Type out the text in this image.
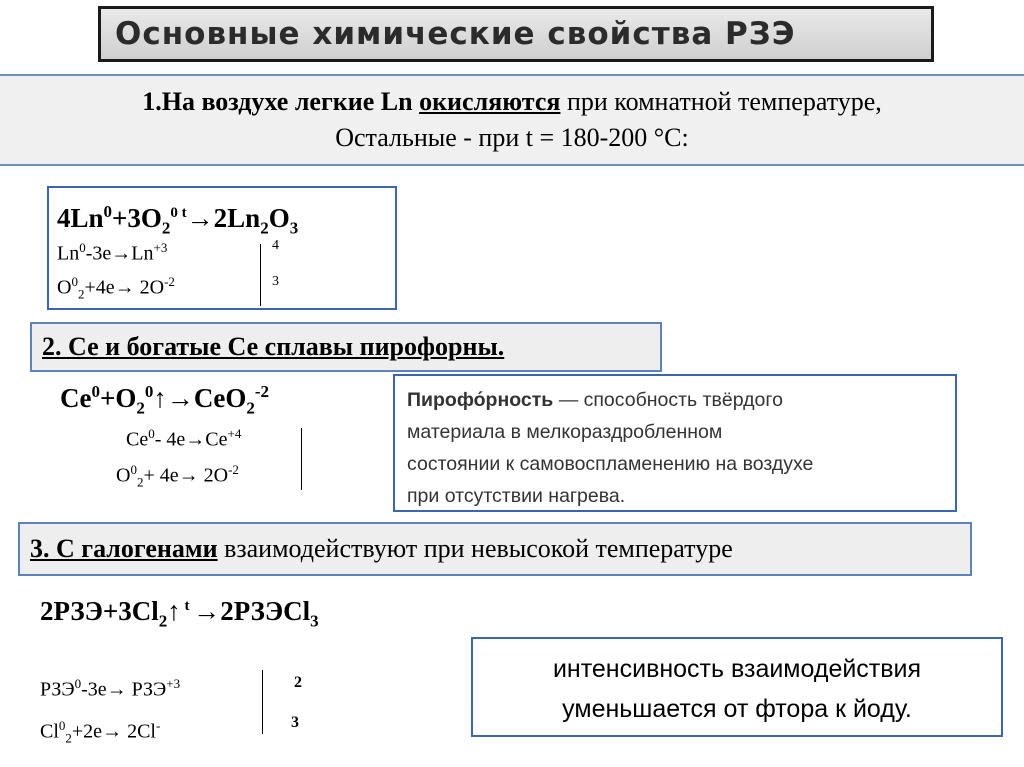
Основные химические свойства РЗЭ
1.На воздухе легкие Ln окисляются при комнатной температуре,
Остальные - при t = 180-200 °С:
$4Ln^0+3O_2^{0 t}\to 2Ln_2O_3$
$Ln^0-3e\to Ln^{+3}$
$O^0_2+4e\to 2O^{-2}$
4
3
2. Се и богатые Се сплавы пирофорны.
$Ce^0+O_2^0↑\to CeO_2^{-2}$
Ce$^0$- $4e\to Ce^{+4}$
$O^0_2+ 4e\to 2O^{-2}$
Пирофо́рность — способность твёрдого
материала в мелкораздробленном
состоянии к самовоспламенению на воздухе
при отсутствии нагрева.
3. С галогенами взаимодействуют при невысокой температуре
$2РЗЭ+3Cl_2↑$ $^t$ →2РЗЭCl$_3$
$РЗЭ^0-3e\to РЗЭ^{+3}$
$Cl^0_2+2e\to 2Cl^-$
2
3
интенсивность взаимодействия
уменьшается от фтора к йоду.
